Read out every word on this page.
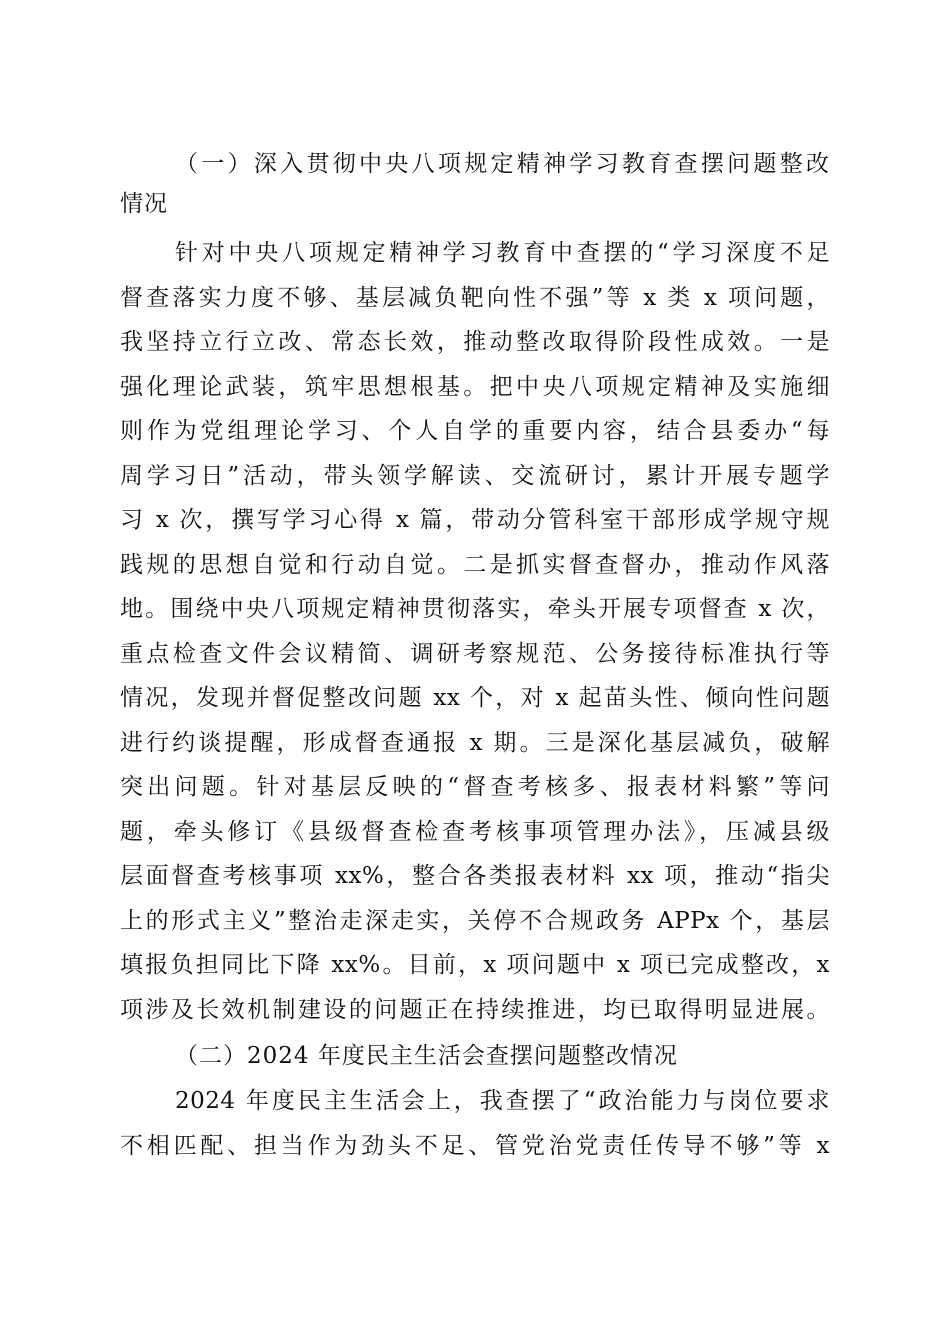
（一）深入贯彻中央八项规定精神学习教育查摆问题整改
情况
针对中央八项规定精神学习教育中查摆的“学习深度不足
督查落实力度不够、基层减负靶向性不强”等 x 类 x 项问题，
我坚持立行立改、常态长效，推动整改取得阶段性成效。一是
强化理论武装，筑牢思想根基。把中央八项规定精神及实施细
则作为党组理论学习、个人自学的重要内容，结合县委办“每
周学习日”活动，带头领学解读、交流研讨，累计开展专题学
习 x 次，撰写学习心得 x 篇，带动分管科室干部形成学规守规
践规的思想自觉和行动自觉。二是抓实督查督办，推动作风落
地。围绕中央八项规定精神贯彻落实，牵头开展专项督查 x 次，
重点检查文件会议精简、调研考察规范、公务接待标准执行等
情况，发现并督促整改问题 xx 个，对 x 起苗头性、倾向性问题
进行约谈提醒，形成督查通报 x 期。三是深化基层减负，破解
突出问题。针对基层反映的“督查考核多、报表材料繁”等问
题，牵头修订《县级督查检查考核事项管理办法》，压减县级
层面督查考核事项 xx%，整合各类报表材料 xx 项，推动“指尖
上的形式主义”整治走深走实，关停不合规政务 APPx 个，基层
填报负担同比下降 xx%。目前，x 项问题中 x 项已完成整改，x
项涉及长效机制建设的问题正在持续推进，均已取得明显进展。
（二）2024 年度民主生活会查摆问题整改情况
2024 年度民主生活会上，我查摆了“政治能力与岗位要求
不相匹配、担当作为劲头不足、管党治党责任传导不够”等 x
